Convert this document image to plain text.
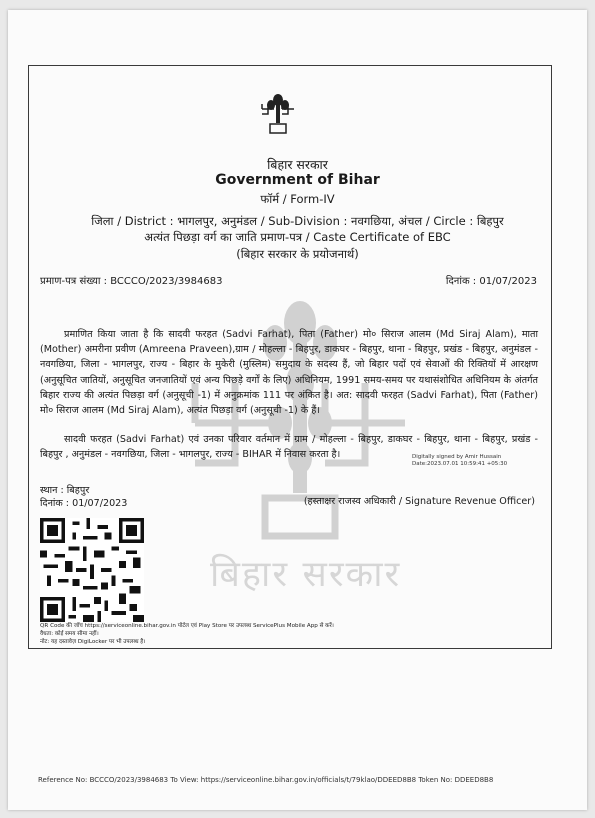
बिहार सरकार
बिहार सरकार
Government of Bihar
फॉर्म / Form-IV
जिला / District : भागलपुर, अनुमंडल / Sub-Division : नवगछिया, अंचल / Circle : बिहपुर
अत्यंत पिछड़ा वर्ग का जाति प्रमाण-पत्र / Caste Certificate of EBC
(बिहार सरकार के प्रयोजनार्थ)
प्रमाण-पत्र संख्या : BCCCO/2023/3984683	दिनांक : 01/07/2023
प्रमाणित किया जाता है कि सादवी फरहत (Sadvi Farhat), पिता (Father) मो० सिराज आलम (Md Siraj Alam), माता (Mother) अमरीना प्रवीण (Amreena Praveen),ग्राम / मोहल्ला - बिहपुर, डाकघर - बिहपुर, थाना - बिहपुर, प्रखंड - बिहपुर, अनुमंडल - नवगछिया, जिला - भागलपुर, राज्य - बिहार के मुकेरी (मुस्लिम) समुदाय के सदस्य हैं, जो बिहार पदों एवं सेवाओं की रिक्तियों में आरक्षण (अनुसूचित जातियों, अनुसूचित जनजातियों एवं अन्य पिछड़े वर्गों के लिए) अधिनियम, 1991 समय-समय पर यथासंशोधित अधिनियम के अंतर्गत बिहार राज्य की अत्यंत पिछड़ा वर्ग (अनुसूची -1) में अनुक्रमांक 111 पर अंकित है। अत: सादवी फरहत (Sadvi Farhat), पिता (Father) मो० सिराज आलम (Md Siraj Alam), अत्यंत पिछड़ा वर्ग (अनुसूची -1) के हैं।
सादवी फरहत (Sadvi Farhat) एवं उनका परिवार वर्तमान में ग्राम / मोहल्ला - बिहपुर, डाकघर - बिहपुर, थाना - बिहपुर, प्रखंड - बिहपुर , अनुमंडल - नवगछिया, जिला - भागलपुर, राज्य - BIHAR में निवास करता है।	Digitally signed by Amir Hussain
Date:2023.07.01 10:59:41 +05:30
स्थान : बिहपुर
दिनांक : 01/07/2023	(हस्ताक्षर राजस्व अधिकारी / Signature Revenue Officer)
QR Code की जाँच https://serviceonline.bihar.gov.in पोर्टल एवं Play Store पर उपलब्ध ServicePlus Mobile App से करें।
वैधता: कोई समय सीमा नहीं।
नोट: यह दस्तावेज़ DigiLocker पर भी उपलब्ध है।
Reference No: BCCCO/2023/3984683 To View: https://serviceonline.bihar.gov.in/officials/t/79klao/DDEED8B8 Token No: DDEED8B8
